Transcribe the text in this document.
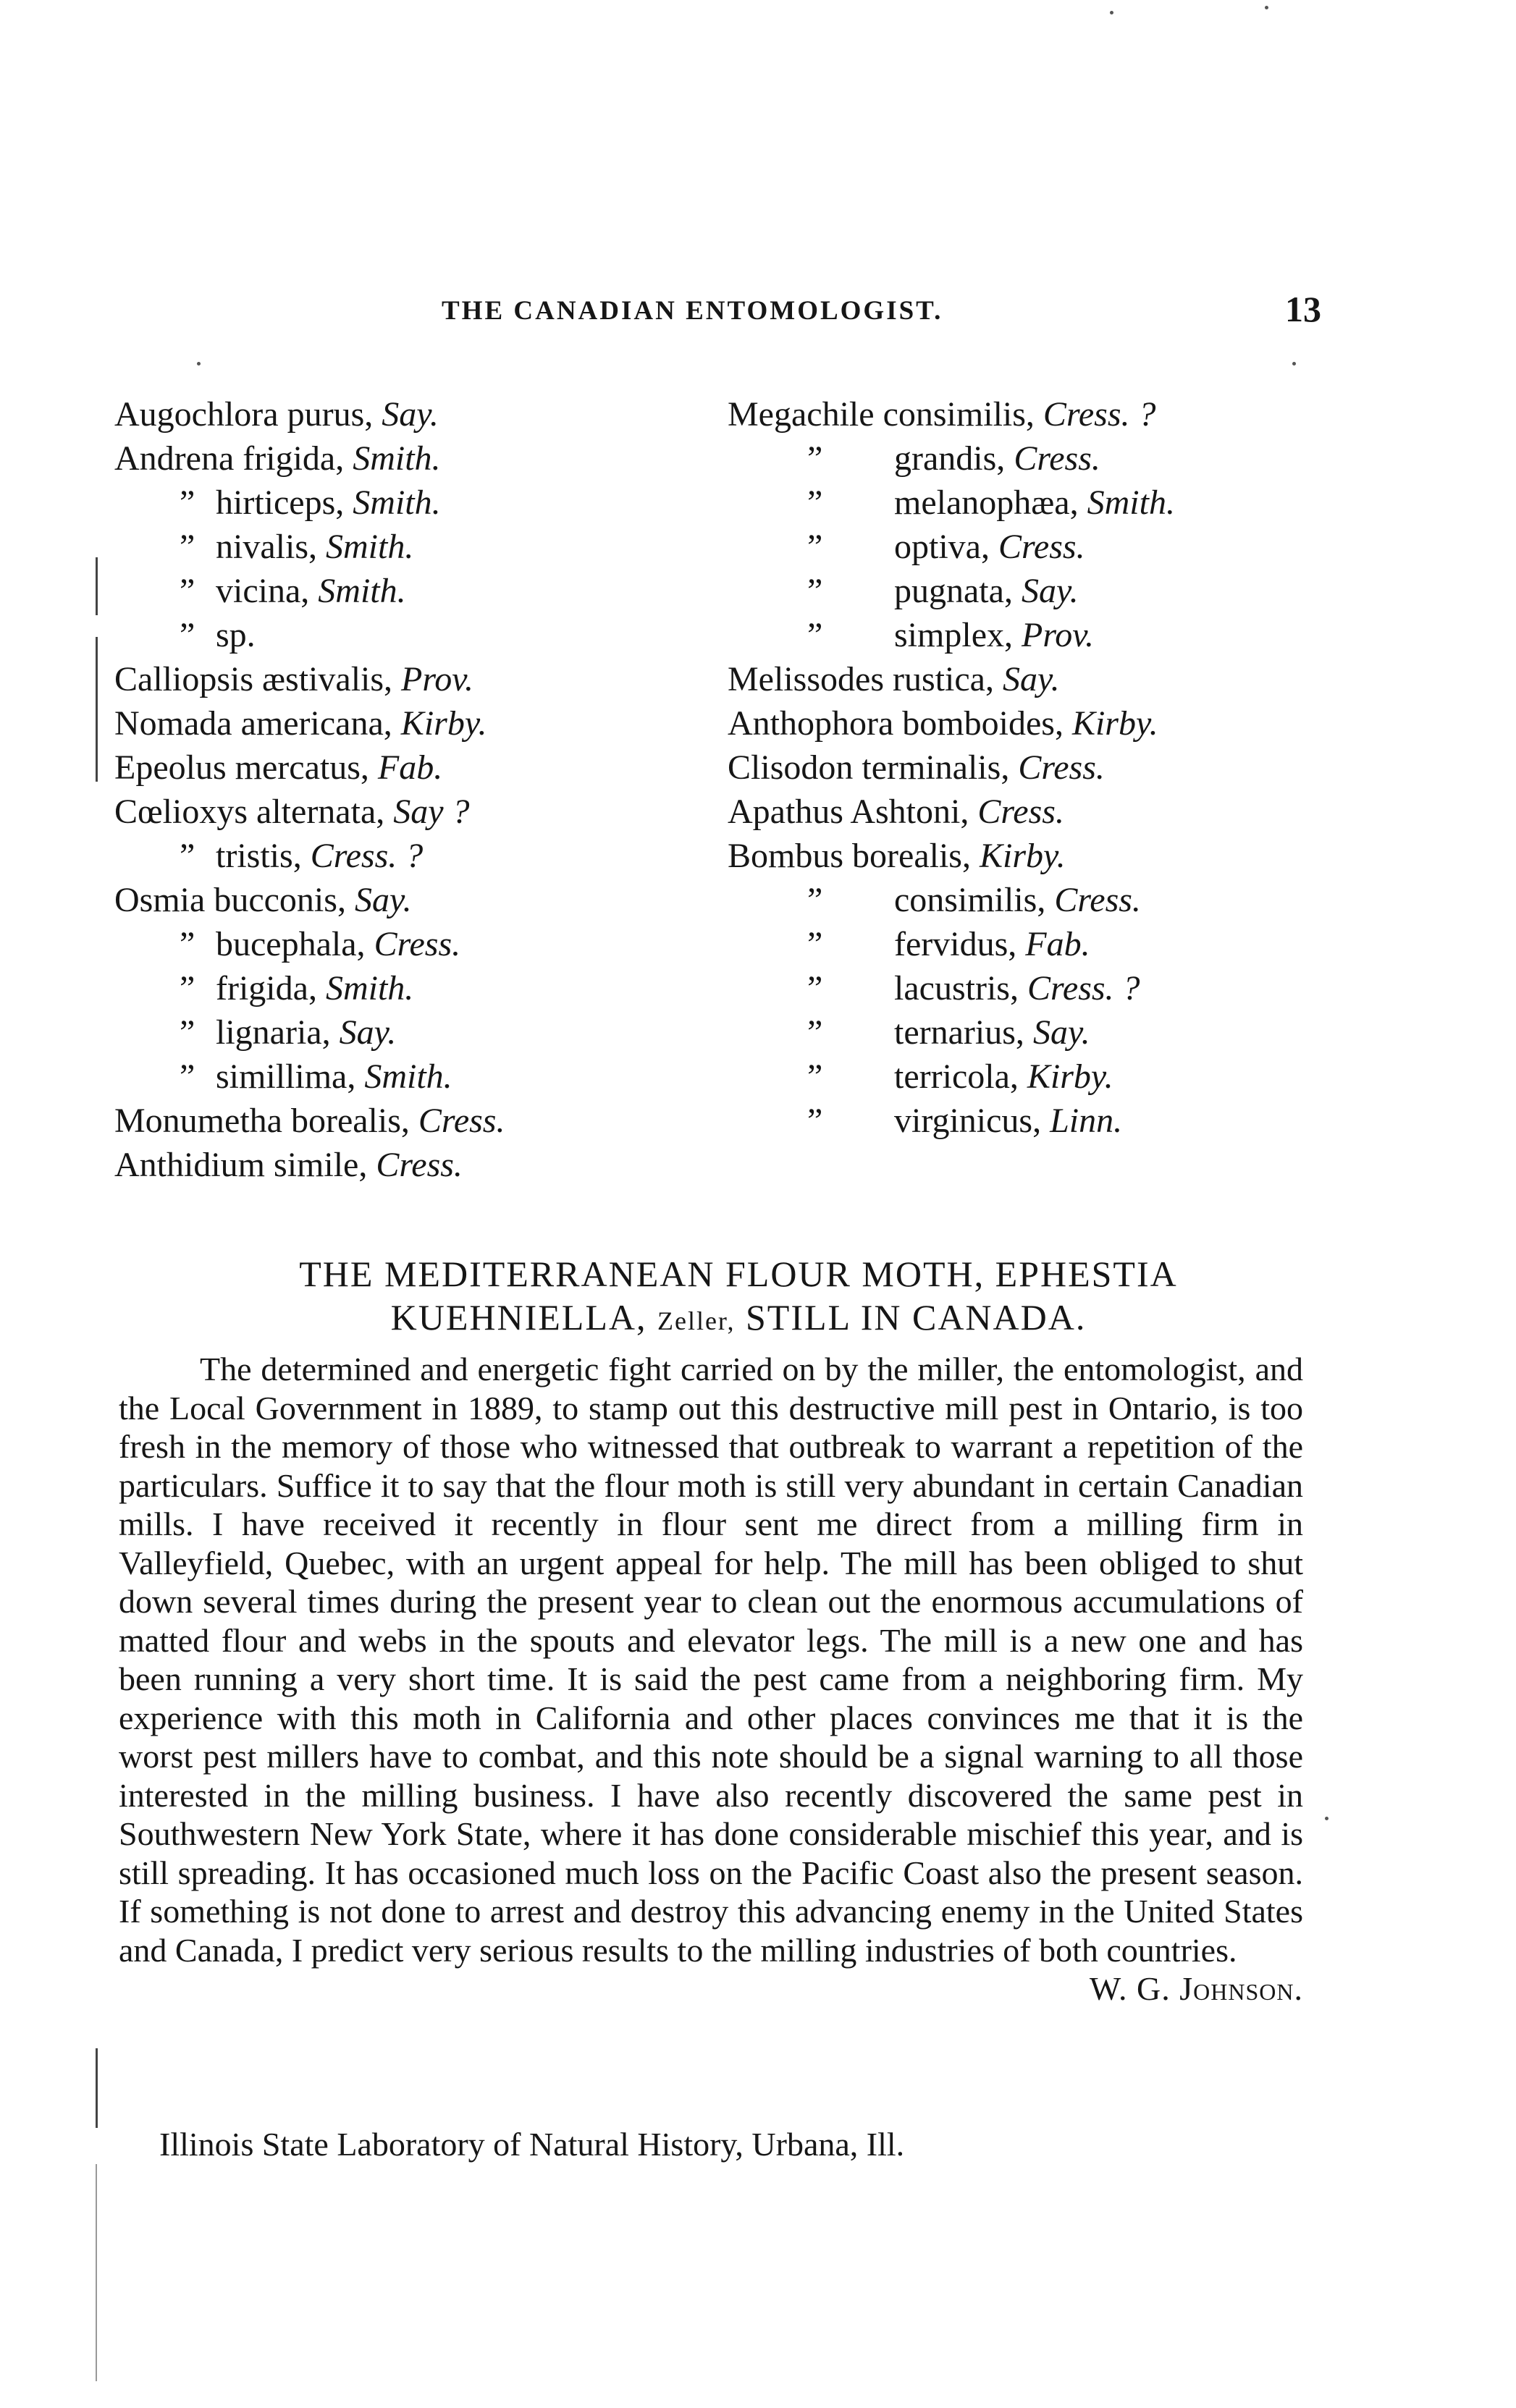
THE CANADIAN ENTOMOLOGIST.	13
Augochlora purus, Say.
Andrena frigida, Smith.
” hirticeps, Smith.
” nivalis, Smith.
” vicina, Smith.
” sp.
Calliopsis æstivalis, Prov.
Nomada americana, Kirby.
Epeolus mercatus, Fab.
Cœlioxys alternata, Say ?
” tristis, Cress. ?
Osmia bucconis, Say.
” bucephala, Cress.
” frigida, Smith.
” lignaria, Say.
” simillima, Smith.
Monumetha borealis, Cress.
Anthidium simile, Cress.
Megachile consimilis, Cress. ?
” grandis, Cress.
” melanophæa, Smith.
” optiva, Cress.
” pugnata, Say.
” simplex, Prov.
Melissodes rustica, Say.
Anthophora bomboides, Kirby.
Clisodon terminalis, Cress.
Apathus Ashtoni, Cress.
Bombus borealis, Kirby.
” consimilis, Cress.
” fervidus, Fab.
” lacustris, Cress. ?
” ternarius, Say.
” terricola, Kirby.
” virginicus, Linn.
THE MEDITERRANEAN FLOUR MOTH, EPHESTIA
KUEHNIELLA, Zeller, STILL IN CANADA.

The determined and energetic fight carried on by the miller, the entomologist, and the Local Government in 1889, to stamp out this destructive mill pest in Ontario, is too fresh in the memory of those who witnessed that outbreak to warrant a repetition of the particulars. Suffice it to say that the flour moth is still very abundant in certain Canadian mills. I have received it recently in flour sent me direct from a milling firm in Valleyfield, Quebec, with an urgent appeal for help. The mill has been obliged to shut down several times during the present year to clean out the enormous accumulations of matted flour and webs in the spouts and elevator legs. The mill is a new one and has been running a very short time. It is said the pest came from a neighboring firm. My experience with this moth in California and other places convinces me that it is the worst pest millers have to combat, and this note should be a signal warning to all those interested in the milling business. I have also recently discovered the same pest in Southwestern New York State, where it has done considerable mischief this year, and is still spreading. It has occasioned much loss on the Pacific Coast also the present season. If something is not done to arrest and destroy this advancing enemy in the United States and Canada, I predict very serious results to the milling industries of both countries.
W. G. Johnson.

Illinois State Laboratory of Natural History, Urbana, Ill.
